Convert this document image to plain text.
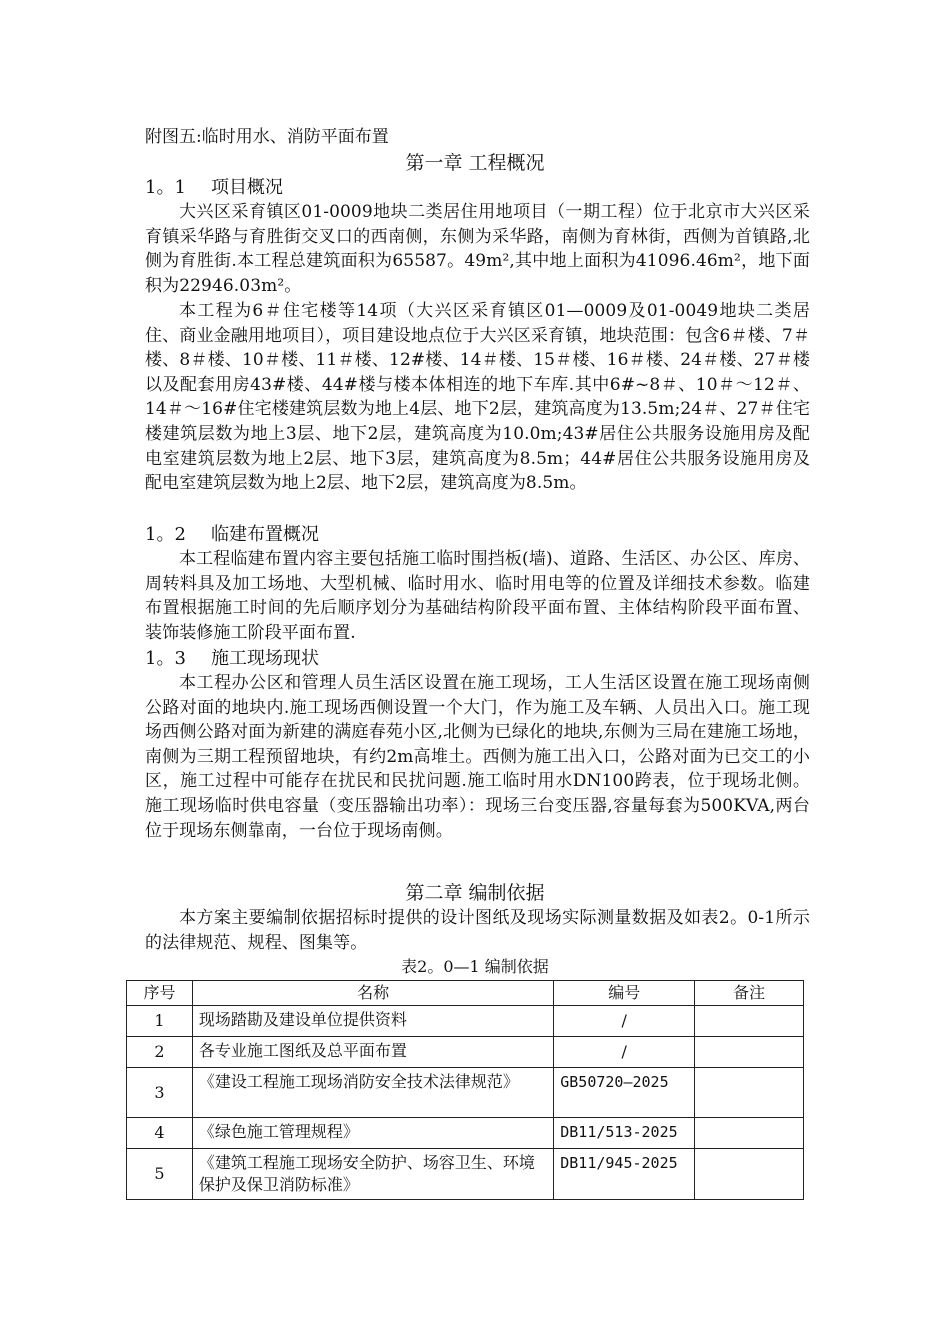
附图五:临时用水、消防平面布置
第一章 工程概况
1。1 项目概况

大兴区采育镇区01-0009地块二类居住用地项目（一期工程）位于北京市大兴区采育镇采华路与育胜街交叉口的西南侧，东侧为采华路，南侧为育林街，西侧为首镇路,北侧为育胜街.本工程总建筑面积为65587。49m²,其中地上面积为41096.46m²，地下面积为22946.03m²。

本工程为6＃住宅楼等14项（大兴区采育镇区01—0009及01-0049地块二类居住、商业金融用地项目），项目建设地点位于大兴区采育镇，地块范围：包含6＃楼、7＃楼、8＃楼、10＃楼、11＃楼、12#楼、14＃楼、15＃楼、16＃楼、24＃楼、27＃楼以及配套用房43#楼、44#楼与楼本体相连的地下车库.其中6#~8＃、10＃～12＃、14＃～16#住宅楼建筑层数为地上4层、地下2层，建筑高度为13.5m;24＃、27＃住宅楼建筑层数为地上3层、地下2层，建筑高度为10.0m;43#居住公共服务设施用房及配电室建筑层数为地上2层、地下3层，建筑高度为8.5m；44#居住公共服务设施用房及配电室建筑层数为地上2层、地下2层，建筑高度为8.5m。

1。2 临建布置概况

本工程临建布置内容主要包括施工临时围挡板(墙)、道路、生活区、办公区、库房、周转料具及加工场地、大型机械、临时用水、临时用电等的位置及详细技术参数。临建布置根据施工时间的先后顺序划分为基础结构阶段平面布置、主体结构阶段平面布置、装饰装修施工阶段平面布置.

1。3 施工现场现状

本工程办公区和管理人员生活区设置在施工现场，工人生活区设置在施工现场南侧公路对面的地块内.施工现场西侧设置一个大门，作为施工及车辆、人员出入口。施工现场西侧公路对面为新建的满庭春苑小区,北侧为已绿化的地块,东侧为三局在建施工场地，南侧为三期工程预留地块，有约2m高堆土。西侧为施工出入口，公路对面为已交工的小区，施工过程中可能存在扰民和民扰问题.施工临时用水DN100跨表，位于现场北侧。施工现场临时供电容量（变压器输出功率）：现场三台变压器,容量每套为500KVA,两台位于现场东侧靠南，一台位于现场南侧。

第二章 编制依据

本方案主要编制依据招标时提供的设计图纸及现场实际测量数据及如表2。0-1所示的法律规范、规程、图集等。

表2。0—1 编制依据
序号	名称	编号	备注
1	现场踏勘及建设单位提供资料	/	
2	各专业施工图纸及总平面布置	/	
3	《建设工程施工现场消防安全技术法律规范》	GB50720—2025	
4	《绿色施工管理规程》	DB11/513-2025	
5	《建筑工程施工现场安全防护、场容卫生、环境保护及保卫消防标准》	DB11/945-2025	
